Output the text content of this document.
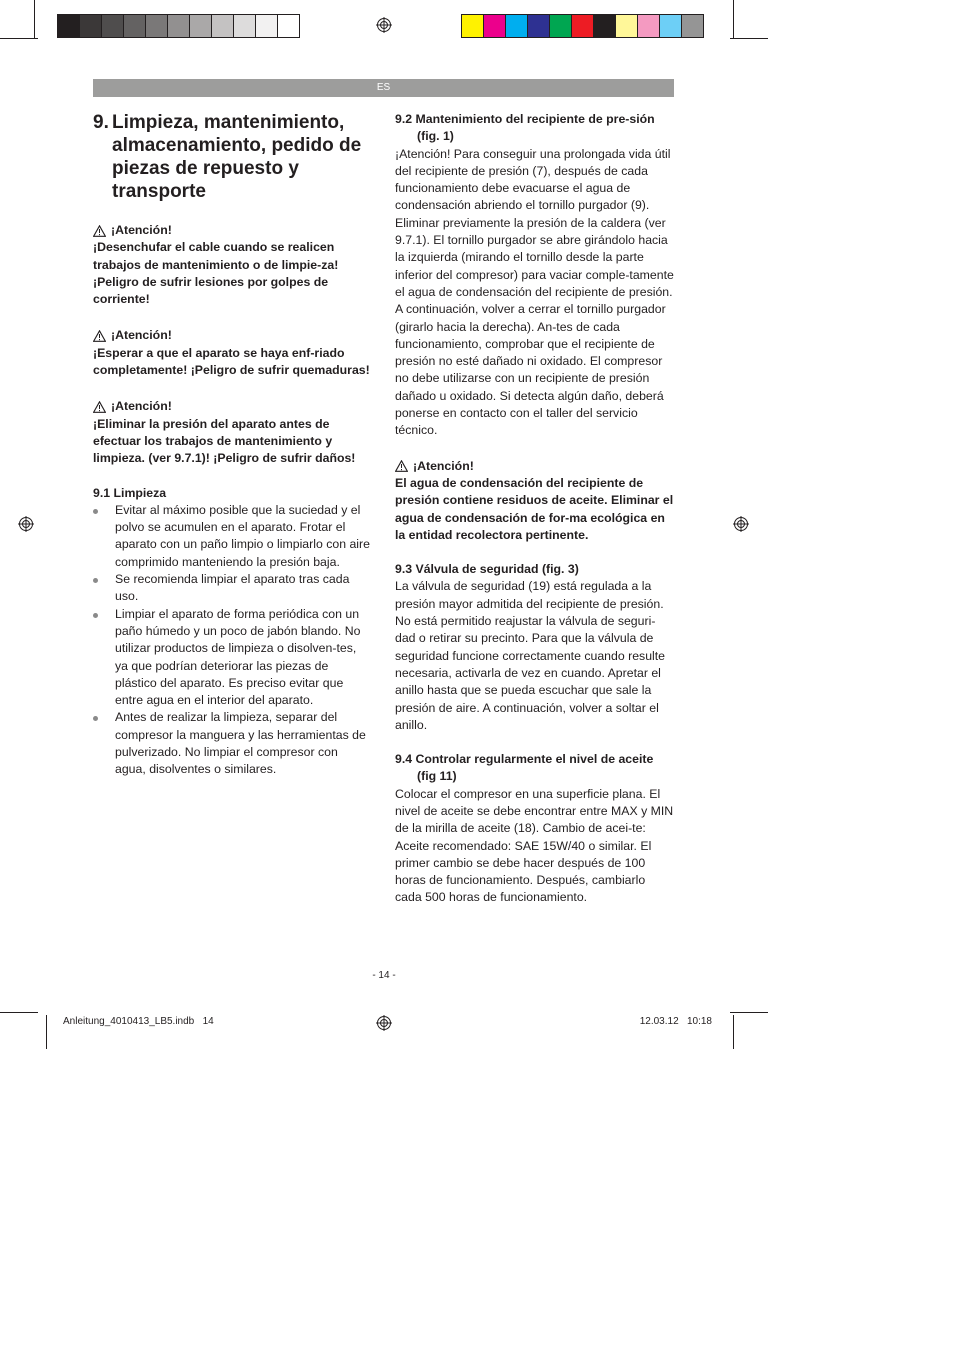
ES
9. Limpieza, mantenimiento, almacenamiento, pedido de piezas de repuesto y transporte
¡Atención!

¡Desenchufar el cable cuando se realicen trabajos de mantenimiento o de limpie-za! ¡Peligro de sufrir lesiones por golpes de corriente!

¡Atención!

¡Esperar a que el aparato se haya enf-riado completamente! ¡Peligro de sufrir quemaduras!

¡Atención!

¡Eliminar la presión del aparato antes de efectuar los trabajos de mantenimiento y limpieza. (ver 9.7.1)! ¡Peligro de sufrir daños!

9.1 Limpieza

Evitar al máximo posible que la suciedad y el polvo se acumulen en el aparato. Frotar el aparato con un paño limpio o limpiarlo con aire comprimido manteniendo la presión baja.
Se recomienda limpiar el aparato tras cada uso.
Limpiar el aparato de forma periódica con un paño húmedo y un poco de jabón blando. No utilizar productos de limpieza o disolven-tes, ya que podrían deteriorar las piezas de plástico del aparato. Es preciso evitar que entre agua en el interior del aparato.
Antes de realizar la limpieza, separar del compresor la manguera y las herramientas de pulverizado. No limpiar el compresor con agua, disolventes o similares.

9.2 Mantenimiento del recipiente de pre-sión (fig. 1)

¡Atención! Para conseguir una prolongada vida útil del recipiente de presión (7), después de cada funcionamiento debe evacuarse el agua de condensación abriendo el tornillo purgador (9). Eliminar previamente la presión de la caldera (ver 9.7.1). El tornillo purgador se abre girándolo hacia la izquierda (mirando el tornillo desde la parte inferior del compresor) para vaciar comple-tamente el agua de condensación del recipiente de presión. A continuación, volver a cerrar el tornillo purgador (girarlo hacia la derecha). An-tes de cada funcionamiento, comprobar que el recipiente de presión no esté dañado ni oxidado. El compresor no debe utilizarse con un recipiente de presión dañado u oxidado. Si detecta algún daño, deberá ponerse en contacto con el taller del servicio técnico.

¡Atención!

El agua de condensación del recipiente de presión contiene residuos de aceite. Eliminar el agua de condensación de for-ma ecológica en la entidad recolectora pertinente.

9.3 Válvula de seguridad (fig. 3)

La válvula de seguridad (19) está regulada a la presión mayor admitida del recipiente de presión. No está permitido reajustar la válvula de seguri-dad o retirar su precinto. Para que la válvula de seguridad funcione correctamente cuando resulte necesaria, activarla de vez en cuando. Apretar el anillo hasta que se pueda escuchar que sale la presión de aire. A continuación, volver a soltar el anillo.

9.4 Controlar regularmente el nivel de aceite (fig 11)

Colocar el compresor en una superficie plana. El nivel de aceite se debe encontrar entre MAX y MIN de la mirilla de aceite (18). Cambio de acei-te: Aceite recomendado: SAE 15W/40 o similar. El primer cambio se debe hacer después de 100 horas de funcionamiento. Después, cambiarlo cada 500 horas de funcionamiento.

- 14 -
Anleitung_4010413_LB5.indb   14	12.03.12   10:18
